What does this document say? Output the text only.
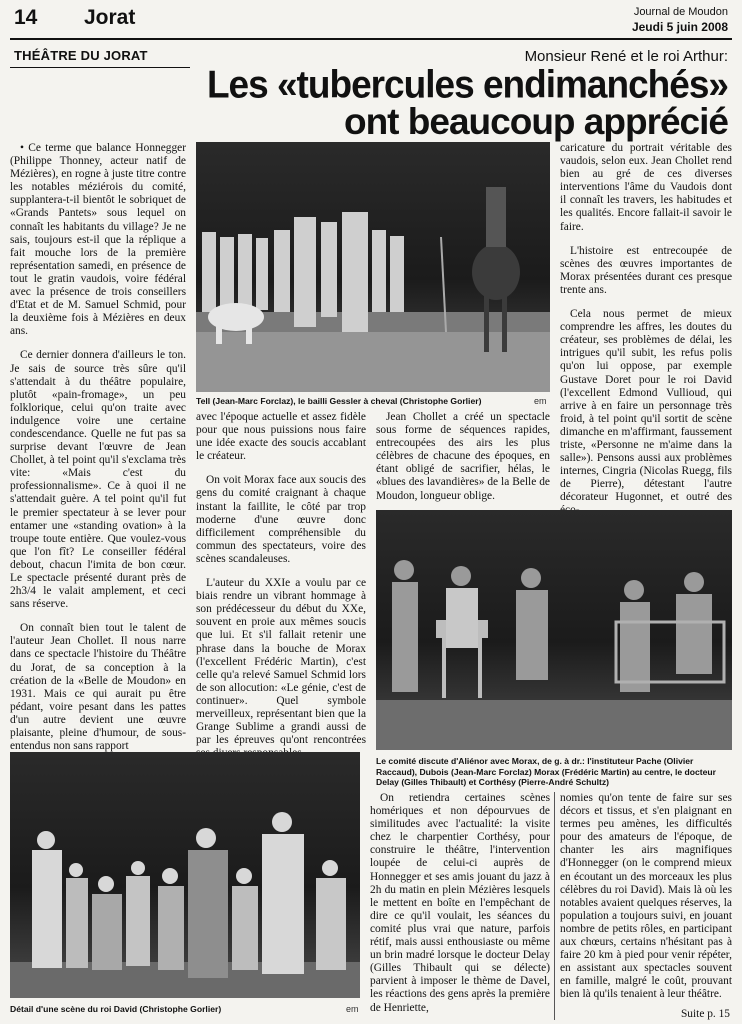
14 Jorat	Journal de Moudon
Jeudi 5 juin 2008
THÉÂTRE DU JORAT	Monsieur René et le roi Arthur:
Les «tubercules endimanchés»
ont beaucoup apprécié

• Ce terme que balance Honnegger (Philippe Thonney, acteur natif de Mézières), en rogne à juste titre contre les notables méziérois du comité, supplantera-t-il bientôt le sobriquet de «Grands Pantets» sous lequel on connaît les habitants du village? Je ne sais, toujours est-il que la réplique a fait mouche lors de la première représentation samedi, en présence de tout le gratin vaudois, voire fédéral avec la présence de trois conseillers d'Etat et de M. Samuel Schmid, pour la deuxième fois à Mézières en deux ans.

Ce dernier donnera d'ailleurs le ton. Je sais de source très sûre qu'il s'attendait à du théâtre populaire, plutôt «pain-fromage», un peu folklorique, celui qu'on traite avec indulgence voire une certaine condescendance. Quelle ne fut pas sa surprise devant l'œuvre de Jean Chollet, à tel point qu'il s'exclama très vite: «Mais c'est du professionnalisme». Ce à quoi il ne s'attendait guère. A tel point qu'il fut le premier spectateur à se lever pour entamer une «standing ovation» à la troupe toute entière. Que voulez-vous que l'on fît? Le conseiller fédéral debout, chacun l'imita de bon cœur. Le spectacle présenté durant près de 2h3/4 le valait amplement, et ceci sans réserve.

On connaît bien tout le talent de l'auteur Jean Chollet. Il nous narre dans ce spectacle l'histoire du Théâtre du Jorat, de sa conception à la création de la «Belle de Moudon» en 1931. Mais ce qui aurait pu être pédant, voire pesant dans les pattes d'un autre devient une œuvre plaisante, pleine d'humour, de sous-entendus non sans rapport

Tell (Jean-Marc Forclaz), le bailli Gessler à cheval (Christophe Gorlier)	em

caricature du portrait véritable des vaudois, selon eux. Jean Chollet rend bien au gré de ces diverses interventions l'âme du Vaudois dont il connaît les travers, les habitudes et les qualités. Encore fallait-il savoir le faire.

L'histoire est entrecoupée de scènes des œuvres importantes de Morax présentées durant ces presque trente ans.

Cela nous permet de mieux comprendre les affres, les doutes du créateur, ses problèmes de délai, les intrigues qu'il subit, les refus polis qu'on lui oppose, par exemple Gustave Doret pour le roi David (l'excellent Edmond Vullioud, qui arrive à en faire un personnage très froid, à tel point qu'il sortit de scène dimanche en m'affirmant, faussement triste, «Personne ne m'aime dans la salle»). Pensons aussi aux problèmes internes, Cingria (Nicolas Ruegg, fils de Pierre), détestant l'autre décorateur Hugonnet, et outré des

avec l'époque actuelle et assez fidèle pour que nous puissions nous faire une idée exacte des soucis accablant le créateur.

On voit Morax face aux soucis des gens du comité craignant à chaque instant la faillite, le côté par trop moderne d'une œuvre donc difficilement compréhensible du commun des spectateurs, voire des scènes scandaleuses.

L'auteur du XXIe a voulu par ce biais rendre un vibrant hommage à son prédécesseur du début du XXe, souvent en proie aux mêmes soucis que lui. Et s'il fallait retenir une phrase dans la bouche de Morax (l'excellent Frédéric Martin), c'est celle qu'a relevé Samuel Schmid lors de son allocution: «Le génie, c'est de continuer». Quel symbole merveilleux, représentant bien que la Grange Sublime a grandi aussi de par les épreuves qu'ont rencontrées

Jean Chollet a créé un spectacle sous forme de séquences rapides, entrecoupées des airs les plus célèbres de chacune des époques, en étant obligé de sacrifier, hélas, le «blues des lavandières» de la Belle de Moudon, longueur oblige.

Le comité discute d'Aliénor avec Morax, de g. à dr.: l'instituteur Pache (Olivier Raccaud), Dubois (Jean-Marc Forclaz) Morax (Frédéric Martin) au centre, le docteur Delay (Gilles Thibault) et Corthésy (Pierre-André Schultz)
Détail d'une scène du roi David (Christophe Gorlier)	em

On retiendra certaines scènes homériques et non dépourvues de similitudes avec l'actualité: la visite chez le charpentier Corthésy, pour construire le théâtre, l'intervention loupée de celui-ci auprès de Honnegger et ses amis jouant du jazz à 2h du matin en plein Mézières lesquels le mettent en boîte en l'empêchant de dire ce qu'il voulait, les séances du comité plus vrai que nature, parfois rétif, mais aussi enthousiaste ou même un brin madré lorsque le docteur Delay (Gilles Thibault qui se délecte) parvient à imposer le thème de Davel, les réactions des gens après la première de Henriette,

nomies qu'on tente de faire sur ses décors et tissus, et s'en plaignant en termes peu amènes, les difficultés pour des amateurs de l'époque, de chanter les airs magnifiques d'Honnegger (on le comprend mieux en écoutant un des morceaux les plus célèbres du roi David). Mais là où les notables avaient quelques réserves, la population a toujours suivi, en jouant nombre de petits rôles, en participant aux chœurs, certains n'hésitant pas à faire 20 km à pied pour venir répéter, en assistant aux spectacles souvent en famille, malgré le coût, prouvant bien là qu'ils tenaient à leur théâtre.

Suite p. 15
